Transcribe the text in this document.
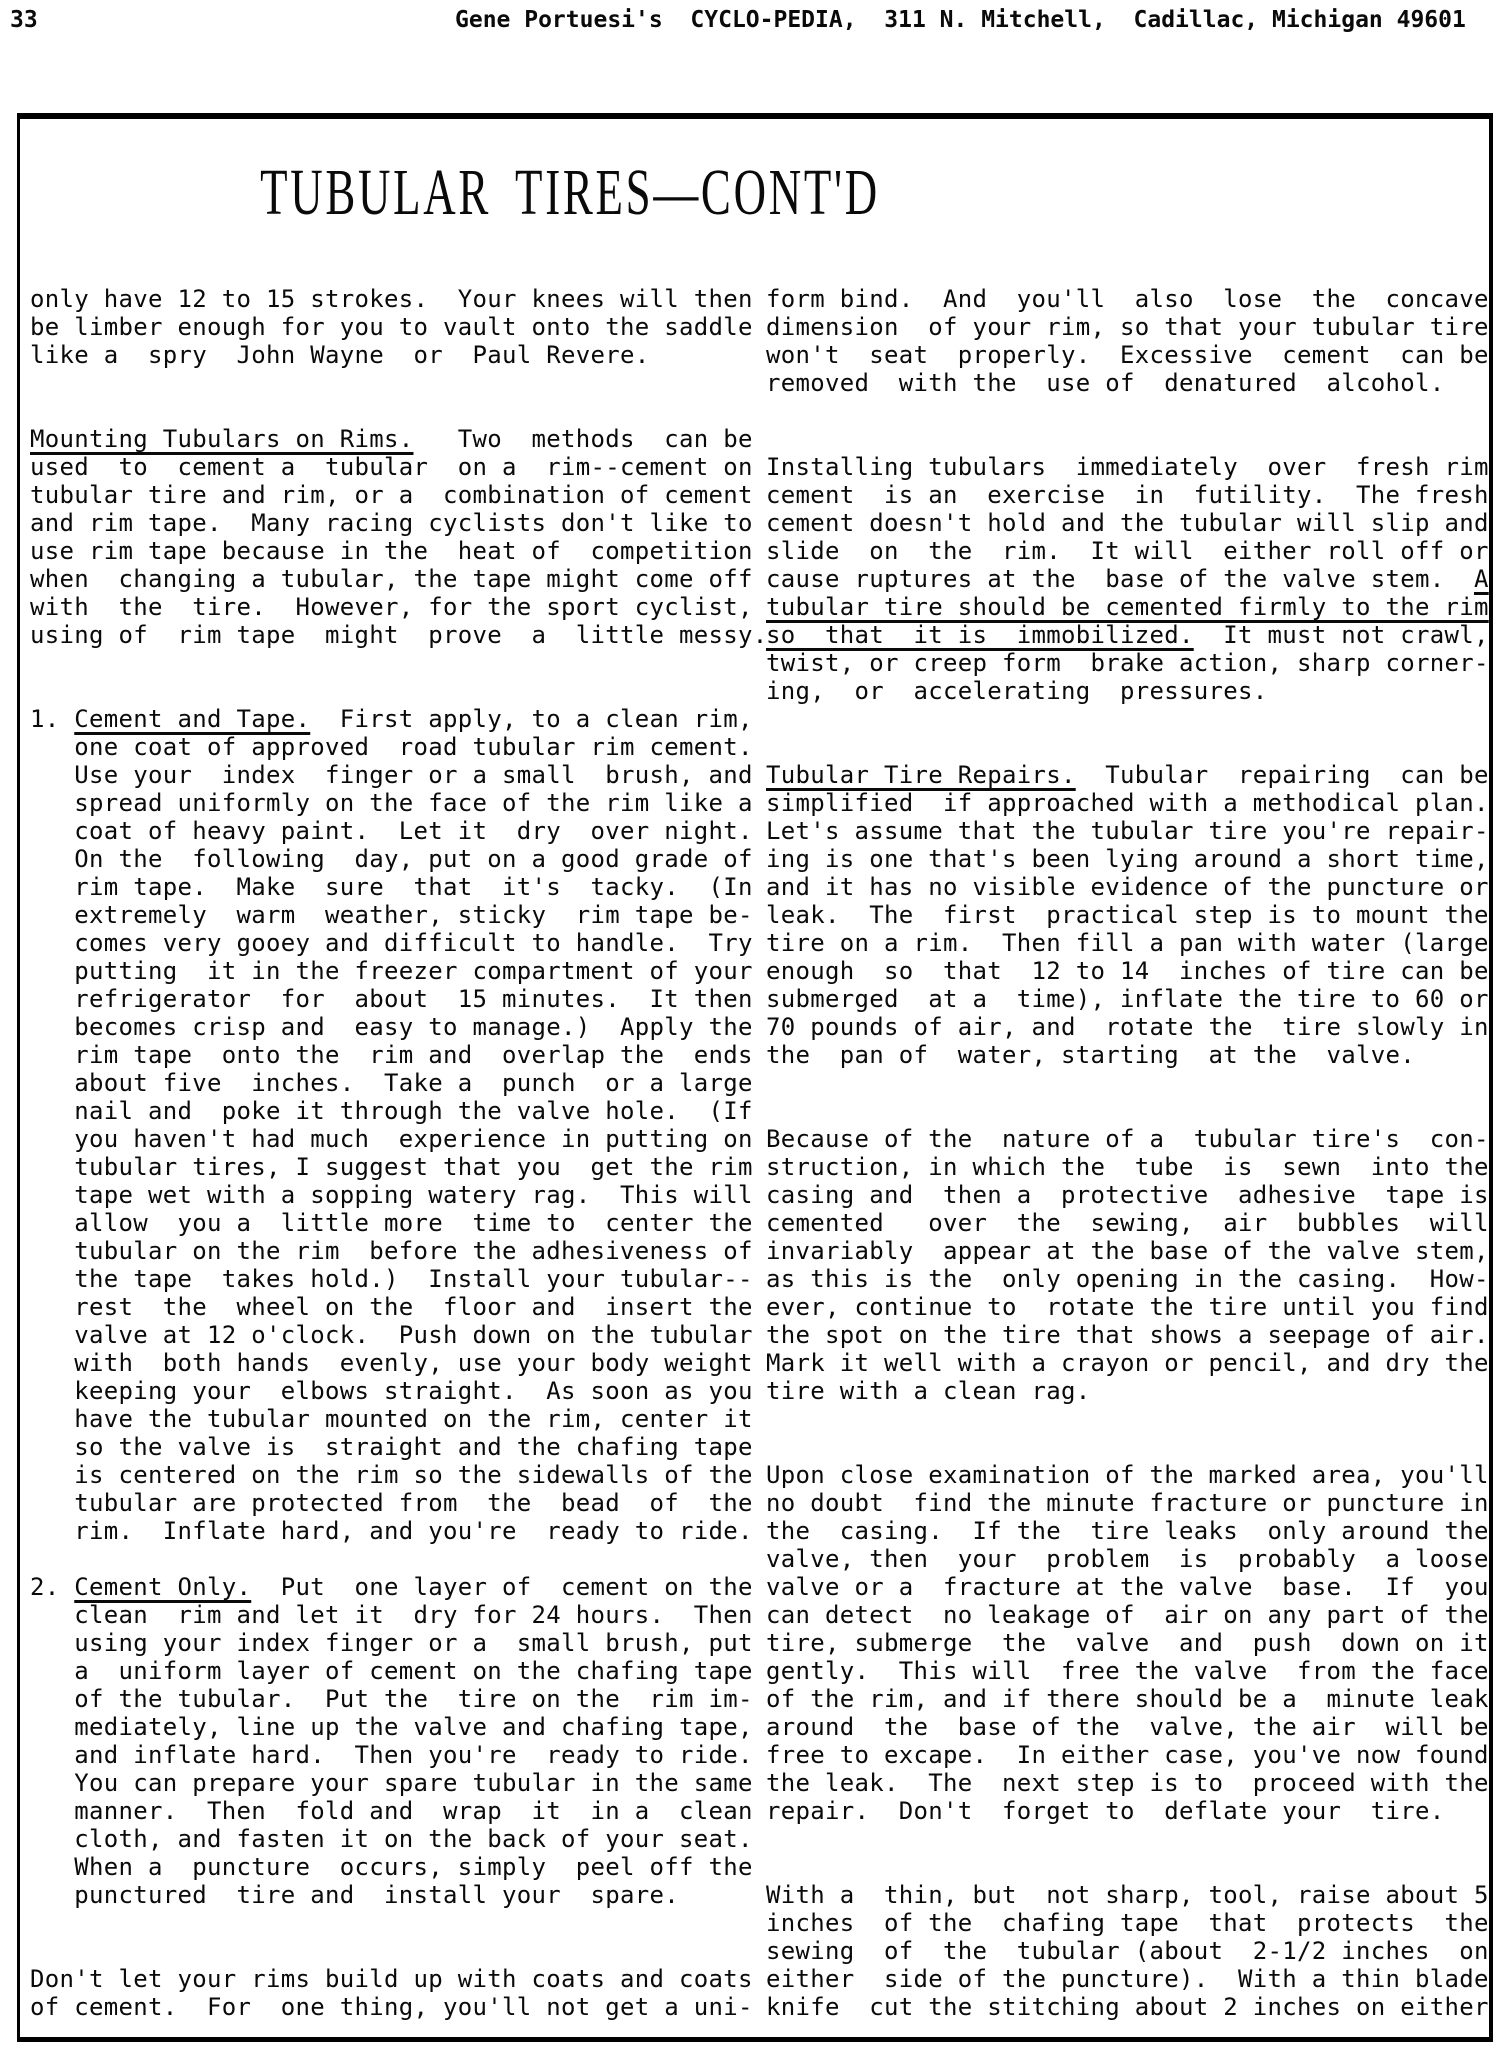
33	Gene Portuesi's  CYCLO-PEDIA,  311 N. Mitchell,  Cadillac, Michigan 49601
TUBULAR TIRES—CONT'D
only have 12 to 15 strokes.  Your knees will then
be limber enough for you to vault onto the saddle
like a  spry  John Wayne  or  Paul Revere.
Mounting Tubulars on Rims.   Two  methods  can be
used  to  cement a  tubular  on a  rim--cement on
tubular tire and rim, or a  combination of cement
and rim tape.  Many racing cyclists don't like to
use rim tape because in the  heat of  competition
when  changing a tubular, the tape might come off
with  the  tire.  However, for the sport cyclist,
using of  rim tape  might  prove  a  little messy.
1. Cement and Tape.  First apply, to a clean rim,
one coat of approved  road tubular rim cement.
Use your  index  finger or a small  brush, and
spread uniformly on the face of the rim like a
coat of heavy paint.  Let it  dry  over night.
On the  following  day, put on a good grade of
rim tape.  Make  sure  that  it's  tacky.  (In
extremely  warm  weather, sticky  rim tape be-
comes very gooey and difficult to handle.  Try
putting  it in the freezer compartment of your
refrigerator  for  about  15 minutes.  It then
becomes crisp and  easy to manage.)  Apply the
rim tape  onto the  rim and  overlap the  ends
about five  inches.  Take a  punch  or a large
nail and  poke it through the valve hole.  (If
you haven't had much  experience in putting on
tubular tires, I suggest that you  get the rim
tape wet with a sopping watery rag.  This will
allow  you a  little more  time to  center the
tubular on the rim  before the adhesiveness of
the tape  takes hold.)  Install your tubular--
rest  the  wheel on the  floor and  insert the
valve at 12 o'clock.  Push down on the tubular
with  both hands  evenly, use your body weight
keeping your  elbows straight.  As soon as you
have the tubular mounted on the rim, center it
so the valve is  straight and the chafing tape
is centered on the rim so the sidewalls of the
tubular are protected from  the  bead  of  the
rim.  Inflate hard, and you're  ready to ride.
2. Cement Only.  Put  one layer of  cement on the
clean  rim and let it  dry for 24 hours.  Then
using your index finger or a  small brush, put
a  uniform layer of cement on the chafing tape
of the tubular.  Put the  tire on the  rim im-
mediately, line up the valve and chafing tape,
and inflate hard.  Then you're  ready to ride.
You can prepare your spare tubular in the same
manner.  Then  fold and  wrap  it  in a  clean
cloth, and fasten it on the back of your seat.
When a  puncture  occurs, simply  peel off the
punctured  tire and  install your  spare.
Don't let your rims build up with coats and coats
of cement.  For  one thing, you'll not get a uni-
form bind.  And  you'll  also  lose  the  concave
dimension  of your rim, so that your tubular tire
won't  seat  properly.  Excessive  cement  can be
removed  with the  use of  denatured  alcohol.
Installing tubulars  immediately  over  fresh rim
cement  is an  exercise  in  futility.  The fresh
cement doesn't hold and the tubular will slip and
slide  on  the  rim.  It will  either roll off or
cause ruptures at the  base of the valve stem.  A
tubular tire should be cemented firmly to the rim
so  that  it is  immobilized.  It must not crawl,
twist, or creep form  brake action, sharp corner-
ing,  or  accelerating  pressures.
Tubular Tire Repairs.  Tubular  repairing  can be
simplified  if approached with a methodical plan.
Let's assume that the tubular tire you're repair-
ing is one that's been lying around a short time,
and it has no visible evidence of the puncture or
leak.  The  first  practical step is to mount the
tire on a rim.  Then fill a pan with water (large
enough  so  that  12 to 14  inches of tire can be
submerged  at a  time), inflate the tire to 60 or
70 pounds of air, and  rotate the  tire slowly in
the  pan of  water, starting  at the  valve.
Because of the  nature of a  tubular tire's  con-
struction, in which the  tube  is  sewn  into the
casing and  then a  protective  adhesive  tape is
cemented   over  the  sewing,  air  bubbles  will
invariably  appear at the base of the valve stem,
as this is the  only opening in the casing.  How-
ever, continue to  rotate the tire until you find
the spot on the tire that shows a seepage of air.
Mark it well with a crayon or pencil, and dry the
tire with a clean rag.
Upon close examination of the marked area, you'll
no doubt  find the minute fracture or puncture in
the  casing.  If the  tire leaks  only around the
valve, then  your  problem  is  probably  a loose
valve or a  fracture at the valve  base.  If  you
can detect  no leakage of  air on any part of the
tire, submerge  the  valve  and  push  down on it
gently.  This will  free the valve  from the face
of the rim, and if there should be a  minute leak
around  the  base of the  valve, the air  will be
free to excape.  In either case, you've now found
the leak.  The  next step is to  proceed with the
repair.  Don't  forget to  deflate your  tire.
With a  thin, but  not sharp, tool, raise about 5
inches  of the  chafing tape  that  protects  the
sewing  of  the  tubular (about  2-1/2 inches  on
either  side of the puncture).  With a thin blade
knife  cut the stitching about 2 inches on either
